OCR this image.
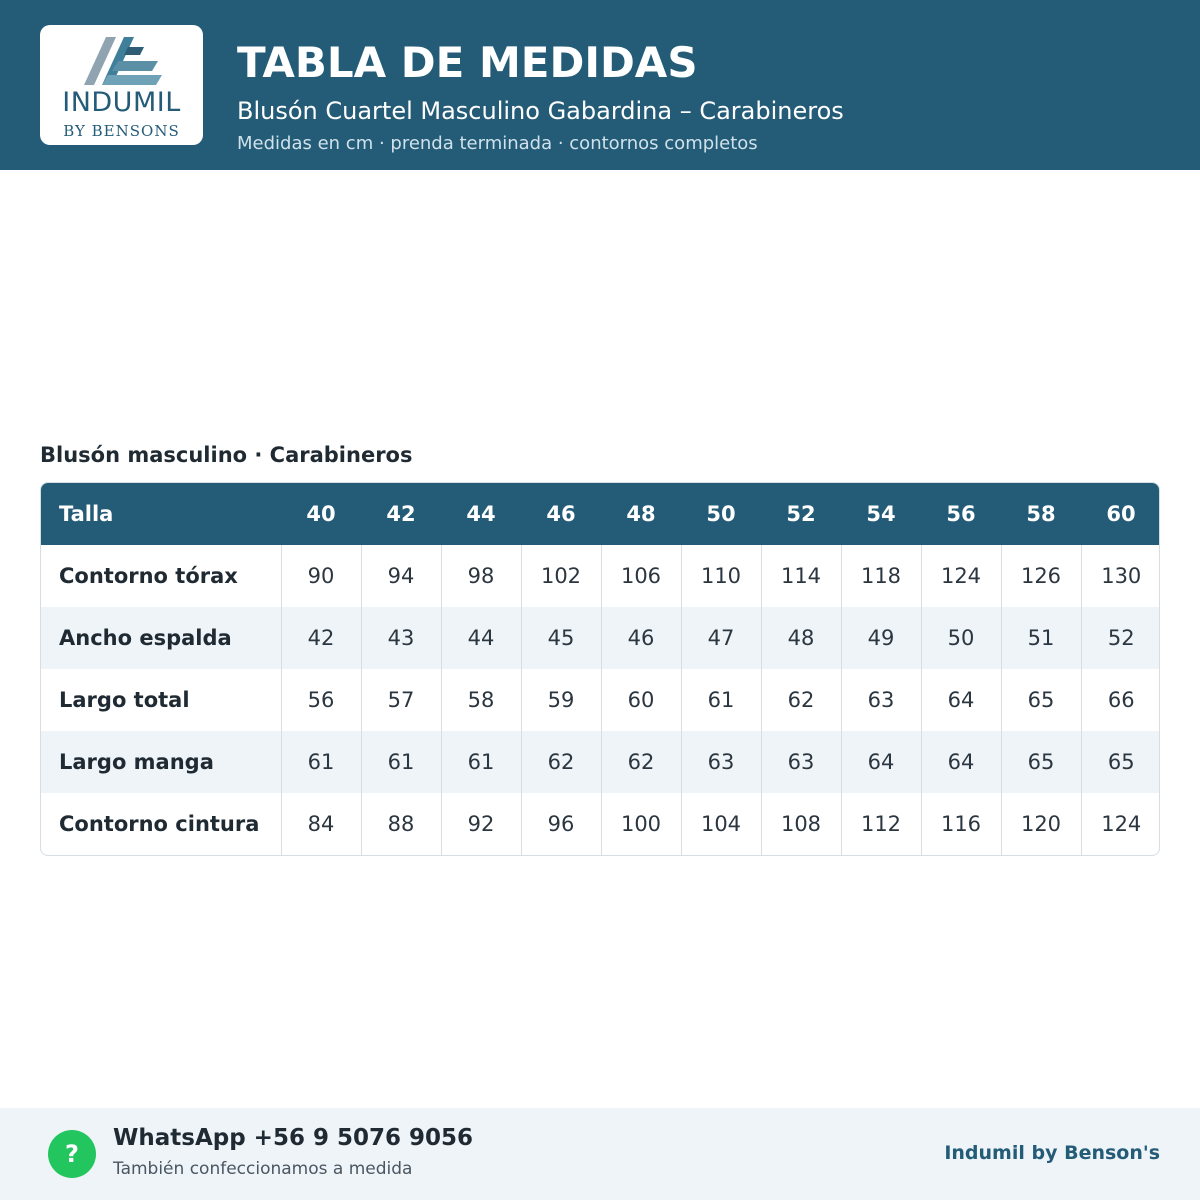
INDUMIL
BY BENSONS
TABLA DE MEDIDAS
Blusón Cuartel Masculino Gabardina – Carabineros
Medidas en cm · prenda terminada · contornos completos
Blusón masculino · Carabineros
Talla	40	42	44	46	48	50	52	54	56	58	60
Contorno tórax	90	94	98	102	106	110	114	118	124	126	130
Ancho espalda	42	43	44	45	46	47	48	49	50	51	52
Largo total	56	57	58	59	60	61	62	63	64	65	66
Largo manga	61	61	61	62	62	63	63	64	64	65	65
Contorno cintura	84	88	92	96	100	104	108	112	116	120	124
?
WhatsApp +56 9 5076 9056
También confeccionamos a medida
Indumil by Benson's
